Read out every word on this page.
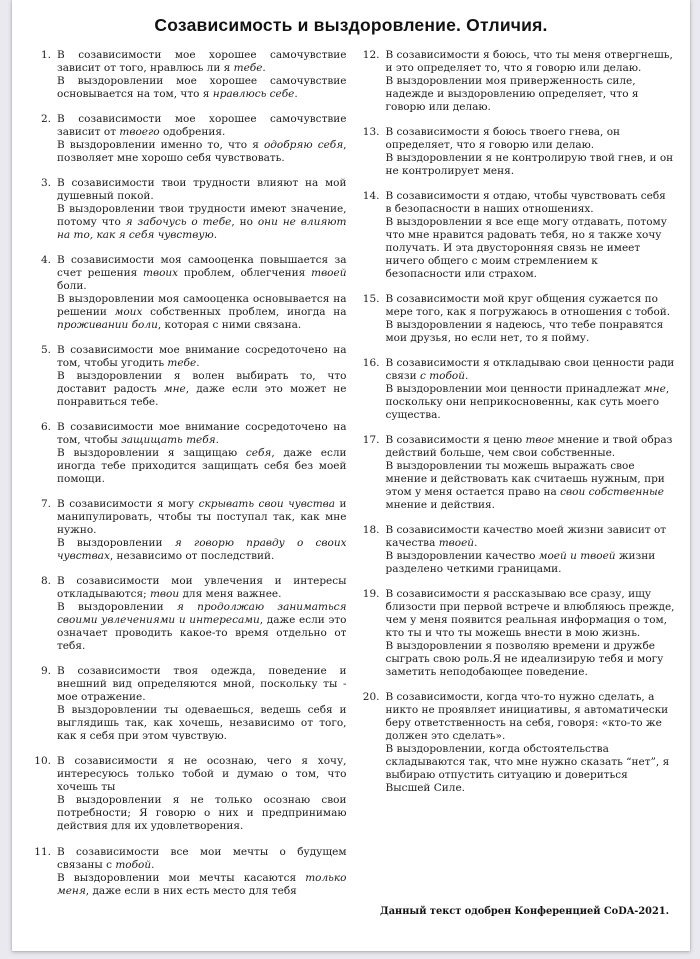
Созависимость и выздоровление. Отличия.
1. В созависимости мое хорошее самочувствие зависит от того, нравлюсь ли я тебе.
В выздоровлении мое хорошее самочувствие основывается на том, что я нравлюсь себе.
2. В созависимости мое хорошее самочувствие зависит от твоего одобрения.
В выздоровлении именно то, что я одобряю себя, позволяет мне хорошо себя чувствовать.
3. В созависимости твои трудности влияют на мой душевный покой.
В выздоровлении твои трудности имеют значение, потому что я забочусь о тебе, но они не влияют на то, как я себя чувствую.
4. В созависимости моя самооценка повышается за счет решения твоих проблем, облегчения твоей боли.
В выздоровлении моя самооценка основывается на решении моих собственных проблем, иногда на проживании боли, которая с ними связана.
5. В созависимости мое внимание сосредоточено на том, чтобы угодить тебе.
В выздоровлении я волен выбирать то, что доставит радость мне, даже если это может не понравиться тебе.
6. В созависимости мое внимание сосредоточено на том, чтобы защищать тебя.
В выздоровлении я защищаю себя, даже если иногда тебе приходится защищать себя без моей помощи.
7. В созависимости я могу скрывать свои чувства и манипулировать, чтобы ты поступал так, как мне нужно.
В выздоровлении я говорю правду о своих чувствах, независимо от последствий.
8. В созависимости мои увлечения и интересы откладываются; твои для меня важнее.
В выздоровлении я продолжаю заниматься своими увлечениями и интересами, даже если это означает проводить какое-то время отдельно от тебя.
9. В созависимости твоя одежда, поведение и внешний вид определяются мной, поскольку ты - мое отражение.
В выздоровлении ты одеваешься, ведешь себя и выглядишь так, как хочешь, независимо от того, как я себя при этом чувствую.
10. В созависимости я не осознаю, чего я хочу, интересуюсь только тобой и думаю о том, что хочешь ты
В выздоровлении я не только осознаю свои потребности; Я говорю о них и предпринимаю действия для их удовлетворения.
11. В созависимости все мои мечты о будущем связаны с тобой.
В выздоровлении мои мечты касаются только меня, даже если в них есть место для тебя
12. В созависимости я боюсь, что ты меня отвергнешь, и это определяет то, что я говорю или делаю.
В выздоровлении моя приверженность силе, надежде и выздоровлению определяет, что я говорю или делаю.
13. В созависимости я боюсь твоего гнева, он определяет, что я говорю или делаю.
В выздоровлении я не контролирую твой гнев, и он не контролирует меня.
14. В созависимости я отдаю, чтобы чувствовать себя в безопасности в наших отношениях.
В выздоровлении я все еще могу отдавать, потому что мне нравится радовать тебя, но я также хочу получать. И эта двусторонняя связь не имеет ничего общего с моим стремлением к безопасности или страхом.
15. В созависимости мой круг общения сужается по мере того, как я погружаюсь в отношения с тобой.
В выздоровлении я надеюсь, что тебе понравятся мои друзья, но если нет, то я пойму.
16. В созависимости я откладываю свои ценности ради связи с тобой.
В выздоровлении мои ценности принадлежат мне, поскольку они неприкосновенны, как суть моего существа.
17. В созависимости я ценю твое мнение и твой образ действий больше, чем свои собственные.
В выздоровлении ты можешь выражать свое мнение и действовать как считаешь нужным, при этом у меня остается право на свои собственные мнение и действия.
18. В созависимости качество моей жизни зависит от качества твоей.
В выздоровлении качество моей и твоей жизни разделено четкими границами.
19. В созависимости я рассказываю все сразу, ищу близости при первой встрече и влюбляюсь прежде, чем у меня появится реальная информация о том, кто ты и что ты можешь внести в мою жизнь.
В выздоровлении я позволяю времени и дружбе сыграть свою роль.Я не идеализирую тебя и могу заметить неподобающее поведение.
20. В созависимости, когда что-то нужно сделать, а никто не проявляет инициативы, я автоматически беру ответственность на себя, говоря: «кто-то же должен это сделать».
В выздоровлении, когда обстоятельства складываются так, что мне нужно сказать “нет”, я выбираю отпустить ситуацию и довериться Высшей Силе.
Данный текст одобрен Конференцией CoDA-2021.
